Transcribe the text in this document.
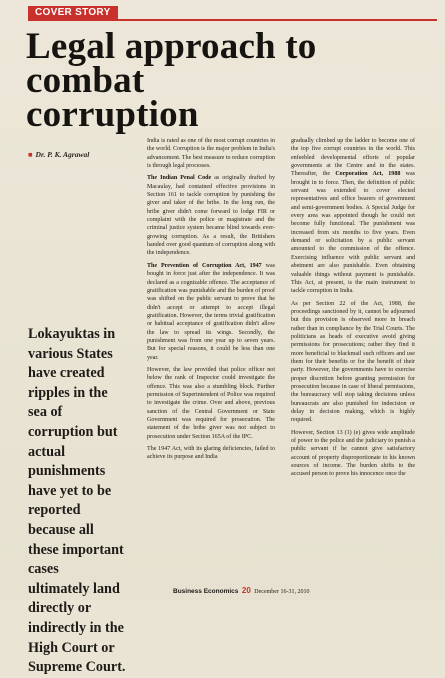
COVER STORY
Legal approach to combat
corruption
■ Dr. P. K. Agrawal

Lokayuktas in
various States
have created
ripples in the
sea of
corruption but
actual
punishments
have yet to be
reported
because all
these important
cases
ultimately land
directly or
indirectly in the
High Court or
Supreme Court.

India is rated as one of the most corrupt countries in the world. Corruption is the major problem in India's advancement. The best measure to reduce corruption is through legal processes.

The Indian Penal Code as originally drafted by Macaulay, had contained effective provisions in Section 161 to tackle corruption by punishing the giver and taker of the bribe. In the long run, the bribe giver didn't come forward to lodge FIR or complaint with the police or magistrate and the criminal justice system became blind towards ever-growing corruption. As a result, the Britishers handed over good quantum of corruption along with the independence.

The Prevention of Corruption Act, 1947 was bought in force just after the independence. It was declared as a cognizable offence. The acceptance of gratification was punishable and the burden of proof was shifted on the public servant to prove that he didn't accept or attempt to accept illegal gratification. However, the terms trivial gratification or habitual acceptance of gratification didn't allow the law to spread its wings. Secondly, the punishment was from one year up to seven years. But for special reasons, it could be less than one year.

However, the law provided that police officer not below the rank of Inspector could investigate the offence. This was also a stumbling block. Further permission of Superintendent of Police was required to investigate the crime. Over and above, previous sanction of the Central Government or State Government was required for prosecution. The statement of the bribe giver was not subject to prosecution under Section 165A of the IPC.

The 1947 Act, with its glaring deficiencies, failed to achieve its purpose and India

gradually climbed up the ladder to become one of the top five corrupt countries in the world. This enfeebled developmental efforts of popular governments at the Centre and in the states. Thereafter, the Corporation Act, 1988 was brought in to force. Then, the definition of public servant was extended to cover elected representatives and office bearers of government and semi-government bodies. A Special Judge for every area was appointed though he could not become fully functional. The punishment was increased from six months to five years. Even demand or solicitation by a public servant amounted to the commission of the offence. Exercising influence with public servant and abetment are also punishable. Even obtaining valuable things without payment is punishable. This Act, at present, is the main instrument to tackle corruption in India.

As per Section 22 of the Act, 1988, the proceedings sanctioned by it, cannot be adjourned but this provision is observed more in breach rather than in compliance by the Trial Courts. The politicians as heads of executive avoid giving permissions for prosecutions; rather they find it more beneficial to blackmail such officers and use them for their benefits or for the benefit of their party. However, the governments have to exercise proper discretion before granting permission for prosecution because in case of liberal permissions, the bureaucracy will stop taking decisions unless bureaucrats are also punished for indecision or delay in decision making, which is highly required.

However, Section 13 (1) (e) gives wide amplitude of power to the police and the judiciary to punish a public servant if he cannot give satisfactory account of property disproportionate to his known sources of income. The burden shifts to the accused person to prove his innocence once the

Business Economics 20 December 16-31, 2010
